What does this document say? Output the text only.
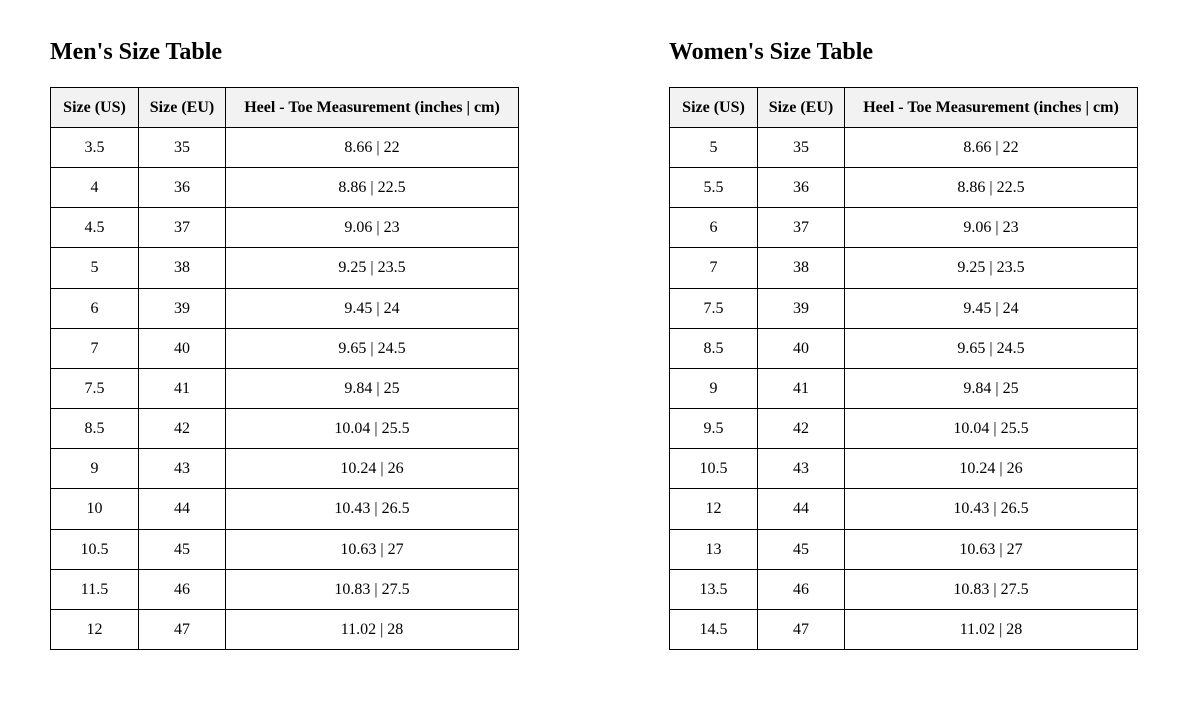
Men's Size Table
Size (US)	Size (EU)	Heel - Toe Measurement (inches | cm)
3.5	35	8.66 | 22
4	36	8.86 | 22.5
4.5	37	9.06 | 23
5	38	9.25 | 23.5
6	39	9.45 | 24
7	40	9.65 | 24.5
7.5	41	9.84 | 25
8.5	42	10.04 | 25.5
9	43	10.24 | 26
10	44	10.43 | 26.5
10.5	45	10.63 | 27
11.5	46	10.83 | 27.5
12	47	11.02 | 28
Women's Size Table
Size (US)	Size (EU)	Heel - Toe Measurement (inches | cm)
5	35	8.66 | 22
5.5	36	8.86 | 22.5
6	37	9.06 | 23
7	38	9.25 | 23.5
7.5	39	9.45 | 24
8.5	40	9.65 | 24.5
9	41	9.84 | 25
9.5	42	10.04 | 25.5
10.5	43	10.24 | 26
12	44	10.43 | 26.5
13	45	10.63 | 27
13.5	46	10.83 | 27.5
14.5	47	11.02 | 28
